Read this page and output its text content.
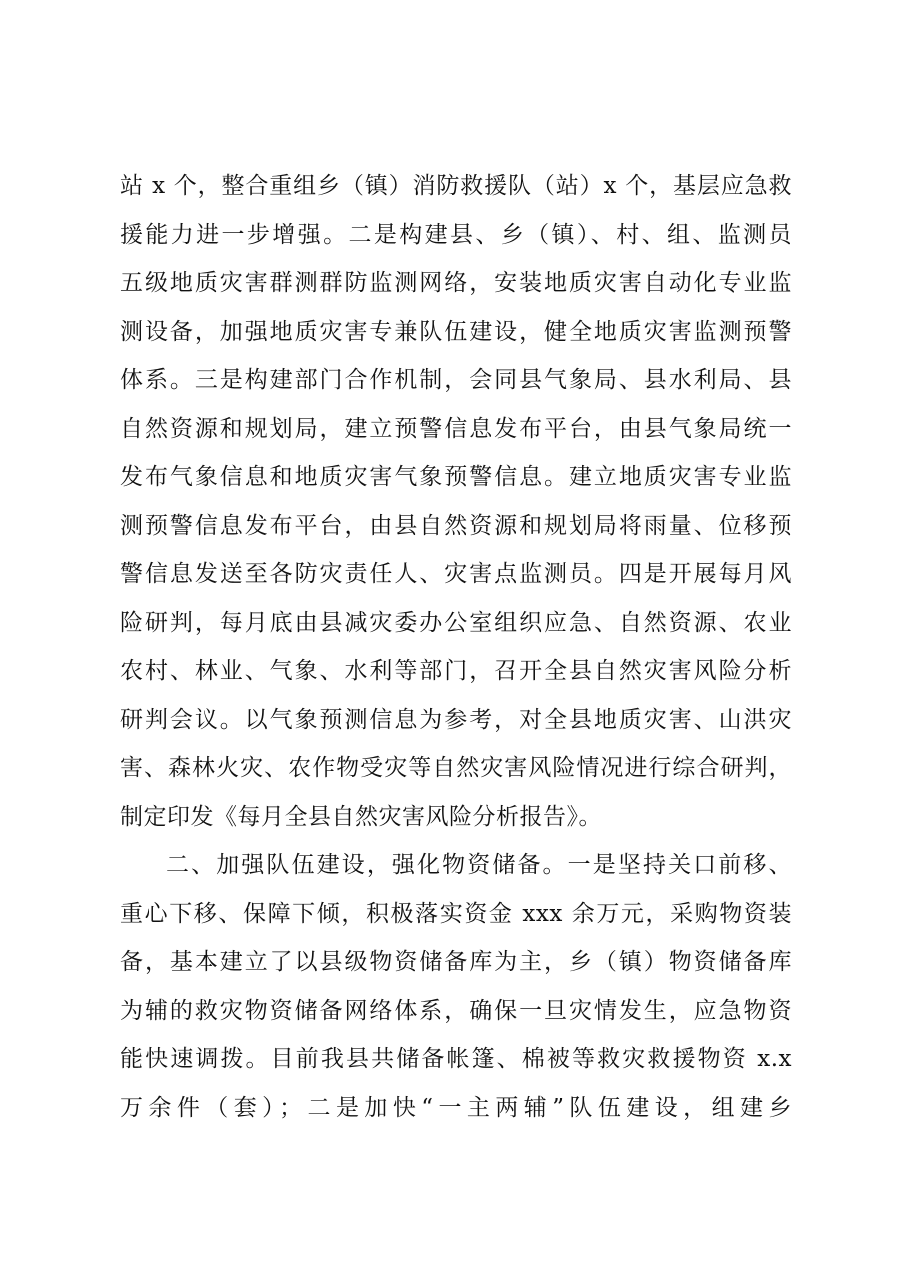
站 x 个，整合重组乡（镇）消防救援队（站）x 个，基层应急救
援能力进一步增强。二是构建县、乡（镇）、村、组、监测员
五级地质灾害群测群防监测网络，安装地质灾害自动化专业监
测设备，加强地质灾害专兼队伍建设，健全地质灾害监测预警
体系。三是构建部门合作机制，会同县气象局、县水利局、县
自然资源和规划局，建立预警信息发布平台，由县气象局统一
发布气象信息和地质灾害气象预警信息。建立地质灾害专业监
测预警信息发布平台，由县自然资源和规划局将雨量、位移预
警信息发送至各防灾责任人、灾害点监测员。四是开展每月风
险研判，每月底由县减灾委办公室组织应急、自然资源、农业
农村、林业、气象、水利等部门，召开全县自然灾害风险分析
研判会议。以气象预测信息为参考，对全县地质灾害、山洪灾
害、森林火灾、农作物受灾等自然灾害风险情况进行综合研判，
制定印发《每月全县自然灾害风险分析报告》。
二、加强队伍建设，强化物资储备。一是坚持关口前移、
重心下移、保障下倾，积极落实资金 xxx 余万元，采购物资装
备，基本建立了以县级物资储备库为主，乡（镇）物资储备库
为辅的救灾物资储备网络体系，确保一旦灾情发生，应急物资
能快速调拨。目前我县共储备帐篷、棉被等救灾救援物资 x.x
万余件（套）；二是加快“一主两辅”队伍建设，组建乡
